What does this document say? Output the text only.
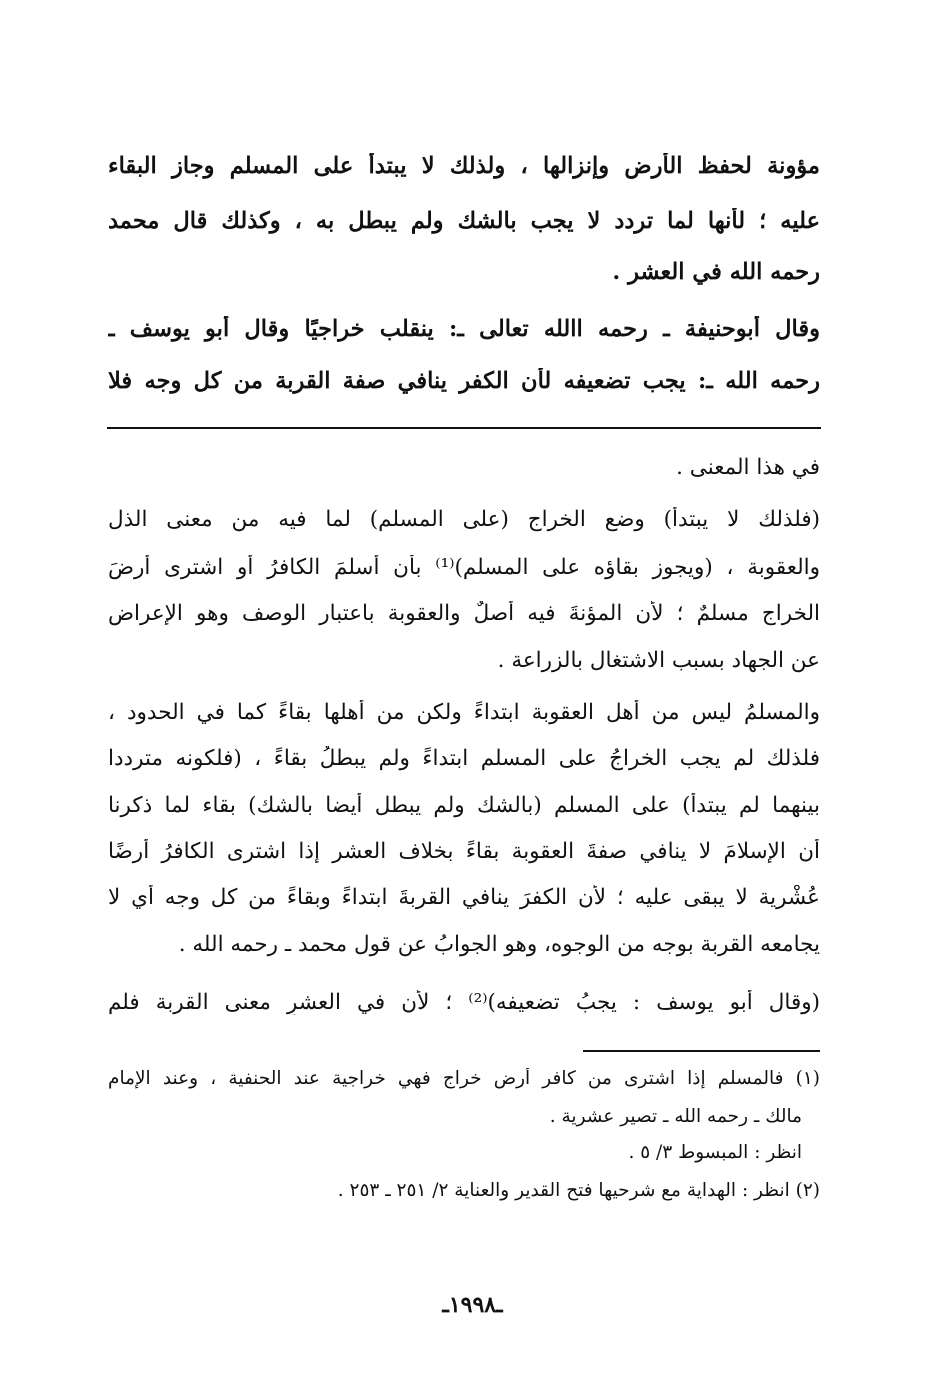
مؤونة لحفظ الأرض وإنزالها ، ولذلك لا يبتدأ على المسلم وجاز البقاء
عليه ؛ لأنها لما تردد لا يجب بالشك ولم يبطل به ، وكذلك قال محمد
رحمه الله في العشر .
وقال أبوحنيفة ـ رحمه االله تعالى ـ: ينقلب خراجيًا وقال أبو يوسف ـ
رحمه الله ـ: يجب تضعيفه لأن الكفر ينافي صفة القربة من كل وجه فلا
في هذا المعنى .
(فلذلك لا يبتدأُ) وضع الخراج (على المسلم) لما فيه من معنى الذل
والعقوبة ، (ويجوز بقاؤه على المسلم)⁽¹⁾ بأن أسلمَ الكافرُ أو اشترى أرضَ
الخراج مسلمٌ ؛ لأن المؤنةَ فيه أصلٌ والعقوبة باعتبار الوصف وهو الإعراض
عن الجهاد بسبب الاشتغال بالزراعة .
والمسلمُ ليس من أهل العقوبة ابتداءً ولكن من أهلها بقاءً كما في الحدود ،
فلذلك لم يجب الخراجُ على المسلم ابتداءً ولم يبطلُ بقاءً ، (فلكونه مترددا
بينهما لم يبتدأ) على المسلم (بالشك ولم يبطل أيضا بالشك) بقاء لما ذكرنا
أن الإسلامَ لا ينافي صفةَ العقوبة بقاءً بخلاف العشر إذا اشترى الكافرُ أرضًا
عُشْرية لا يبقى عليه ؛ لأن الكفرَ ينافي القربةَ ابتداءً وبقاءً من كل وجه أي لا
يجامعه القربة بوجه من الوجوه، وهو الجوابُ عن قول محمد ـ رحمه الله .
(وقال أبو يوسف : يجبُ تضعيفه)⁽²⁾ ؛ لأن في العشرِ معنى القربة فلم
(١) فالمسلم إذا اشترى من كافر أرض خراج فهي خراجية عند الحنفية ، وعند الإمام
مالك ـ رحمه الله ـ تصير عشرية .
انظر : المبسوط ٣/ ٥ .
(٢) انظر : الهداية مع شرحيها فتح القدير والعناية ٢/ ٢٥١ ـ ٢٥٣ .
ـ١٩٩٨ـ
